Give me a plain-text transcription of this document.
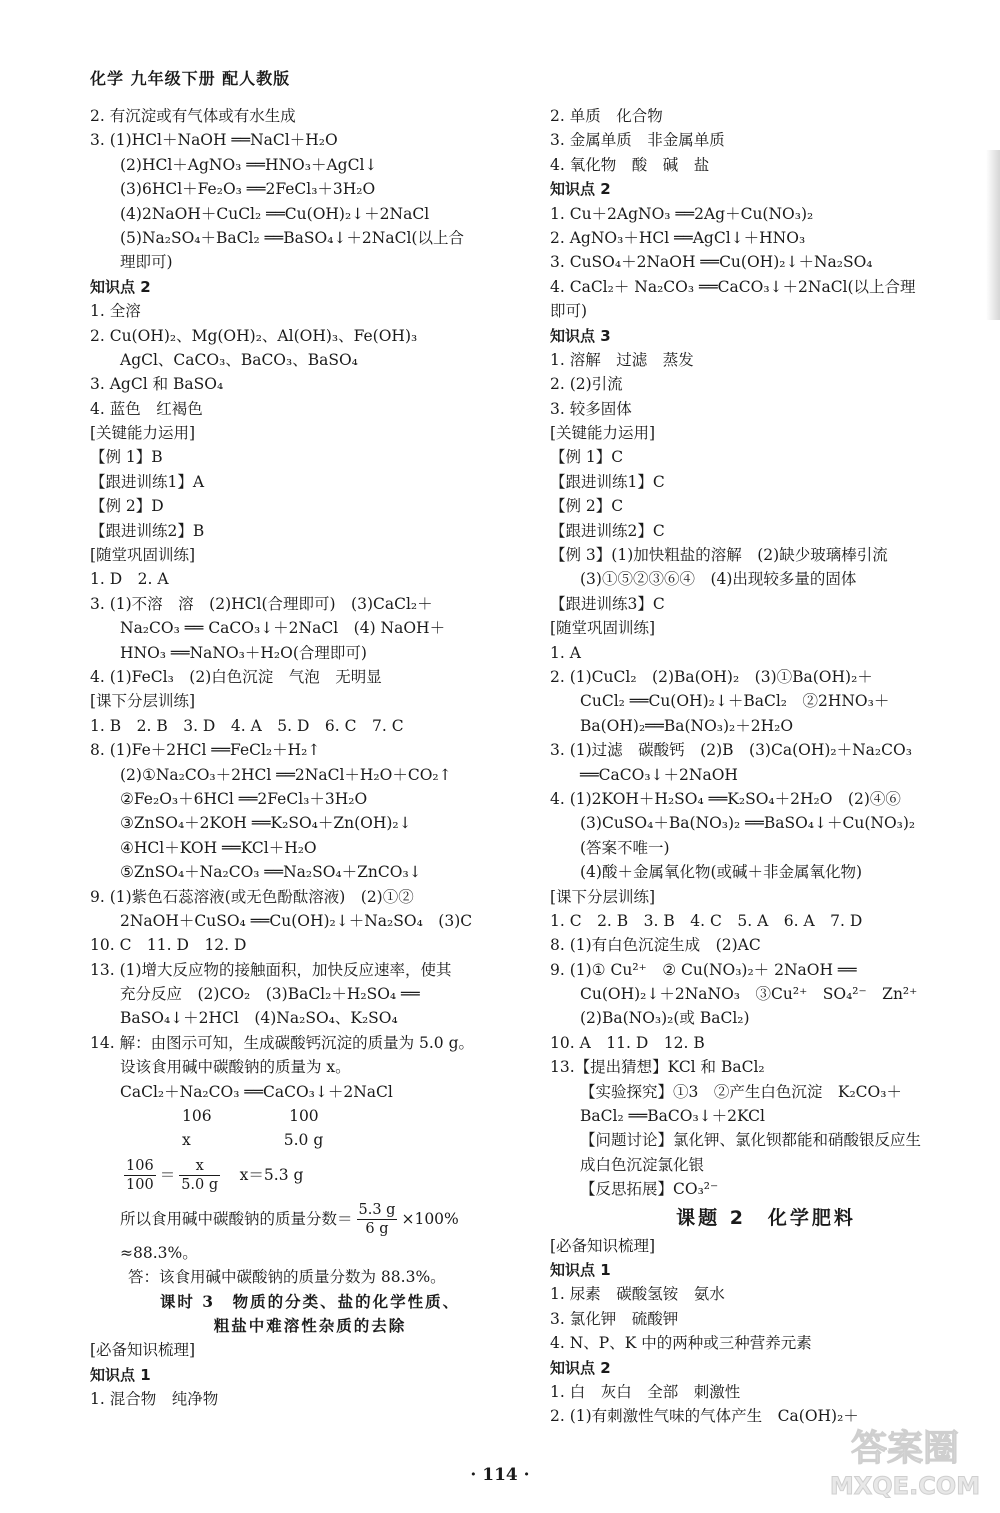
化学 九年级下册 配人教版
2. 有沉淀或有气体或有水生成
3. (1)HCl＋NaOH ══NaCl＋H₂O
(2)HCl＋AgNO₃ ══HNO₃＋AgCl↓
(3)6HCl＋Fe₂O₃ ══2FeCl₃＋3H₂O
(4)2NaOH＋CuCl₂ ══Cu(OH)₂↓＋2NaCl
(5)Na₂SO₄＋BaCl₂ ══BaSO₄↓＋2NaCl(以上合
理即可)
知识点 2
1. 全溶
2. Cu(OH)₂、Mg(OH)₂、Al(OH)₃、Fe(OH)₃
AgCl、CaCO₃、BaCO₃、BaSO₄
3. AgCl 和 BaSO₄
4. 蓝色　红褐色
[关键能力运用]
【例 1】B
【跟进训练1】A
【例 2】D
【跟进训练2】B
[随堂巩固训练]
1. D　2. A
3. (1)不溶　溶　(2)HCl(合理即可)　(3)CaCl₂＋
Na₂CO₃ ══ CaCO₃↓＋2NaCl　(4) NaOH＋
HNO₃ ══NaNO₃＋H₂O(合理即可)
4. (1)FeCl₃　(2)白色沉淀　气泡　无明显
[课下分层训练]
1. B　2. B　3. D　4. A　5. D　6. C　7. C
8. (1)Fe＋2HCl ══FeCl₂＋H₂↑
(2)①Na₂CO₃＋2HCl ══2NaCl＋H₂O＋CO₂↑
②Fe₂O₃＋6HCl ══2FeCl₃＋3H₂O
③ZnSO₄＋2KOH ══K₂SO₄＋Zn(OH)₂↓
④HCl＋KOH ══KCl＋H₂O
⑤ZnSO₄＋Na₂CO₃ ══Na₂SO₄＋ZnCO₃↓
9. (1)紫色石蕊溶液(或无色酚酞溶液)　(2)①②
2NaOH＋CuSO₄ ══Cu(OH)₂↓＋Na₂SO₄　(3)C
10. C　11. D　12. D
13. (1)增大反应物的接触面积，加快反应速率，使其
充分反应　(2)CO₂　(3)BaCl₂＋H₂SO₄ ══
BaSO₄↓＋2HCl　(4)Na₂SO₄、K₂SO₄
14. 解：由图示可知，生成碳酸钙沉淀的质量为 5.0 g。
设该食用碱中碳酸钠的质量为 x。
CaCl₂＋Na₂CO₃ ══CaCO₃↓＋2NaCl
　　　　106　　　　　100
　　　　x　　　　　　5.0 g
$\frac{106}{100} = \frac{x}{5.0 g}$
　 x＝5.3 g
所以食用碱中碳酸钠的质量分数＝ $\frac{5.3 g}{6 g} \times 100\%$
≈88.3%。
答：该食用碱中碳酸钠的质量分数为 88.3%。
课时 3　物质的分类、盐的化学性质、
粗盐中难溶性杂质的去除
[必备知识梳理]
知识点 1
1. 混合物　纯净物
2. 单质　化合物
3. 金属单质　非金属单质
4. 氧化物　酸　碱　盐
知识点 2
1. Cu＋2AgNO₃ ══2Ag＋Cu(NO₃)₂
2. AgNO₃＋HCl ══AgCl↓＋HNO₃
3. CuSO₄＋2NaOH ══Cu(OH)₂↓＋Na₂SO₄
4. CaCl₂＋ Na₂CO₃ ══CaCO₃↓＋2NaCl(以上合理
即可)
知识点 3
1. 溶解　过滤　蒸发
2. (2)引流
3. 较多固体
[关键能力运用]
【例 1】C
【跟进训练1】C
【例 2】C
【跟进训练2】C
【例 3】(1)加快粗盐的溶解　(2)缺少玻璃棒引流
(3)①⑤②③⑥④　(4)出现较多量的固体
【跟进训练3】C
[随堂巩固训练]
1. A
2. (1)CuCl₂　(2)Ba(OH)₂　(3)①Ba(OH)₂＋
CuCl₂ ══Cu(OH)₂↓＋BaCl₂　②2HNO₃＋
Ba(OH)₂══Ba(NO₃)₂＋2H₂O
3. (1)过滤　碳酸钙　(2)B　(3)Ca(OH)₂＋Na₂CO₃
══CaCO₃↓＋2NaOH
4. (1)2KOH＋H₂SO₄ ══K₂SO₄＋2H₂O　(2)④⑥
(3)CuSO₄＋Ba(NO₃)₂ ══BaSO₄↓＋Cu(NO₃)₂
(答案不唯一)
(4)酸＋金属氧化物(或碱＋非金属氧化物)
[课下分层训练]
1. C　2. B　3. B　4. C　5. A　6. A　7. D
8. (1)有白色沉淀生成　(2)AC
9. (1)① Cu²⁺　② Cu(NO₃)₂＋ 2NaOH ══
Cu(OH)₂↓＋2NaNO₃　③Cu²⁺　SO₄²⁻　Zn²⁺
(2)Ba(NO₃)₂(或 BaCl₂)
10. A　11. D　12. B
13.【提出猜想】KCl 和 BaCl₂
【实验探究】①3　②产生白色沉淀　K₂CO₃＋
BaCl₂ ══BaCO₃↓＋2KCl
【问题讨论】氯化钾、氯化钡都能和硝酸银反应生
成白色沉淀氯化银
【反思拓展】CO₃²⁻
课题 2　化学肥料
[必备知识梳理]
知识点 1
1. 尿素　碳酸氢铵　氨水
3. 氯化钾　硫酸钾
4. N、P、K 中的两种或三种营养元素
知识点 2
1. 白　灰白　全部　刺激性
2. (1)有刺激性气味的气体产生　Ca(OH)₂＋
· 114 ·
答案圈
MXQE.COM
